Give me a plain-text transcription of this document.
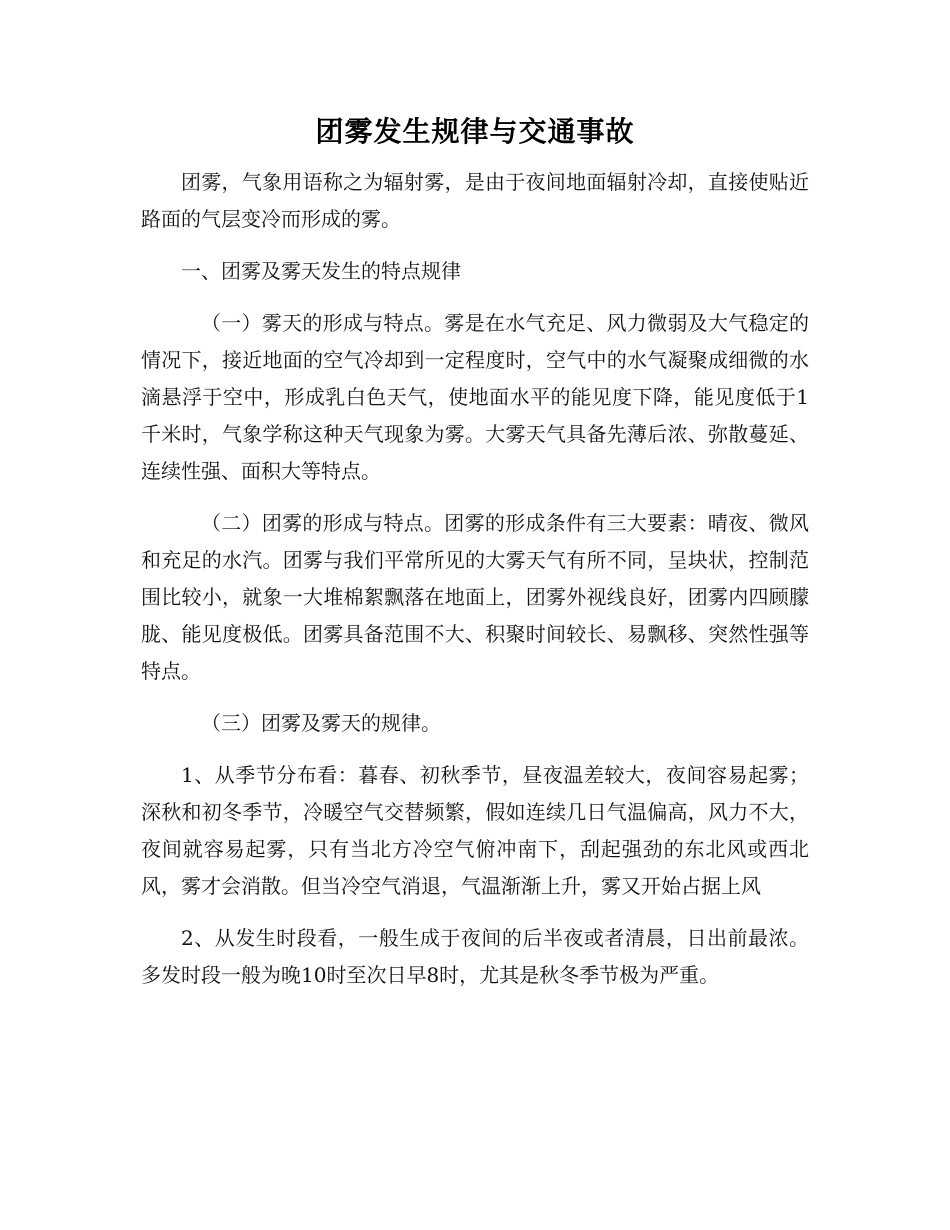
团雾发生规律与交通事故

团雾，气象用语称之为辐射雾，是由于夜间地面辐射冷却，直接使贴近路面的气层变冷而形成的雾。

一、团雾及雾天发生的特点规律

（一）雾天的形成与特点。雾是在水气充足、风力微弱及大气稳定的情况下，接近地面的空气冷却到一定程度时，空气中的水气凝聚成细微的水滴悬浮于空中，形成乳白色天气，使地面水平的能见度下降，能见度低于1千米时，气象学称这种天气现象为雾。大雾天气具备先薄后浓、弥散蔓延、连续性强、面积大等特点。

（二）团雾的形成与特点。团雾的形成条件有三大要素：晴夜、微风和充足的水汽。团雾与我们平常所见的大雾天气有所不同，呈块状，控制范围比较小，就象一大堆棉絮飘落在地面上，团雾外视线良好，团雾内四顾朦胧、能见度极低。团雾具备范围不大、积聚时间较长、易飘移、突然性强等特点。

（三）团雾及雾天的规律。

1、从季节分布看：暮春、初秋季节，昼夜温差较大，夜间容易起雾；深秋和初冬季节，冷暖空气交替频繁，假如连续几日气温偏高，风力不大，夜间就容易起雾，只有当北方冷空气俯冲南下，刮起强劲的东北风或西北风，雾才会消散。但当冷空气消退，气温渐渐上升，雾又开始占据上风

2、从发生时段看，一般生成于夜间的后半夜或者清晨，日出前最浓。多发时段一般为晚10时至次日早8时，尤其是秋冬季节极为严重。
